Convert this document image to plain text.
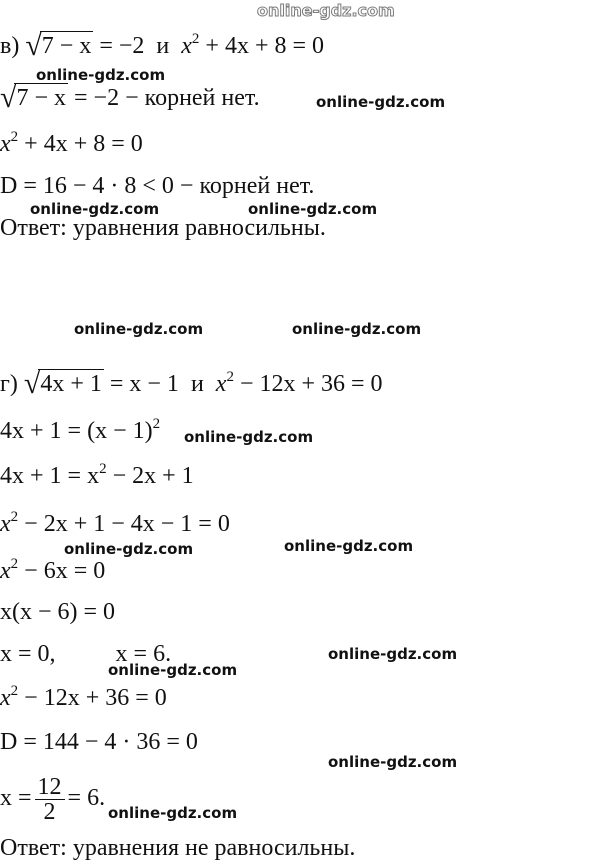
online-gdz.com
в) √7 − x = −2 и $x^2 + 4x + 8 = 0$
√7 − x = −2 − корней нет.
$x^2 + 4x + 8 = 0$
D = 16 − 4 · 8 < 0 − корней нет.
Ответ: уравнения равносильны.
г) √4x + 1 = x − 1 и $x^2 - 12x + 36 = 0$
$4x + 1 = (x - 1)^2$
$4x + 1 = x^2 - 2x + 1$
$x^2 - 2x + 1 - 4x - 1 = 0$
$x^2 - 6x = 0$
x(x − 6) = 0
x = 0,	x = 6.
$x^2 - 12x + 36 = 0$
D = 144 − 4 · 36 = 0
$x = \frac{12}{2} = 6$.
Ответ: уравнения не равносильны.
online-gdz.com
online-gdz.com
online-gdz.com	online-gdz.com
online-gdz.com	online-gdz.com
online-gdz.com
online-gdz.com
online-gdz.com
online-gdz.com
online-gdz.com
online-gdz.com
online-gdz.com
